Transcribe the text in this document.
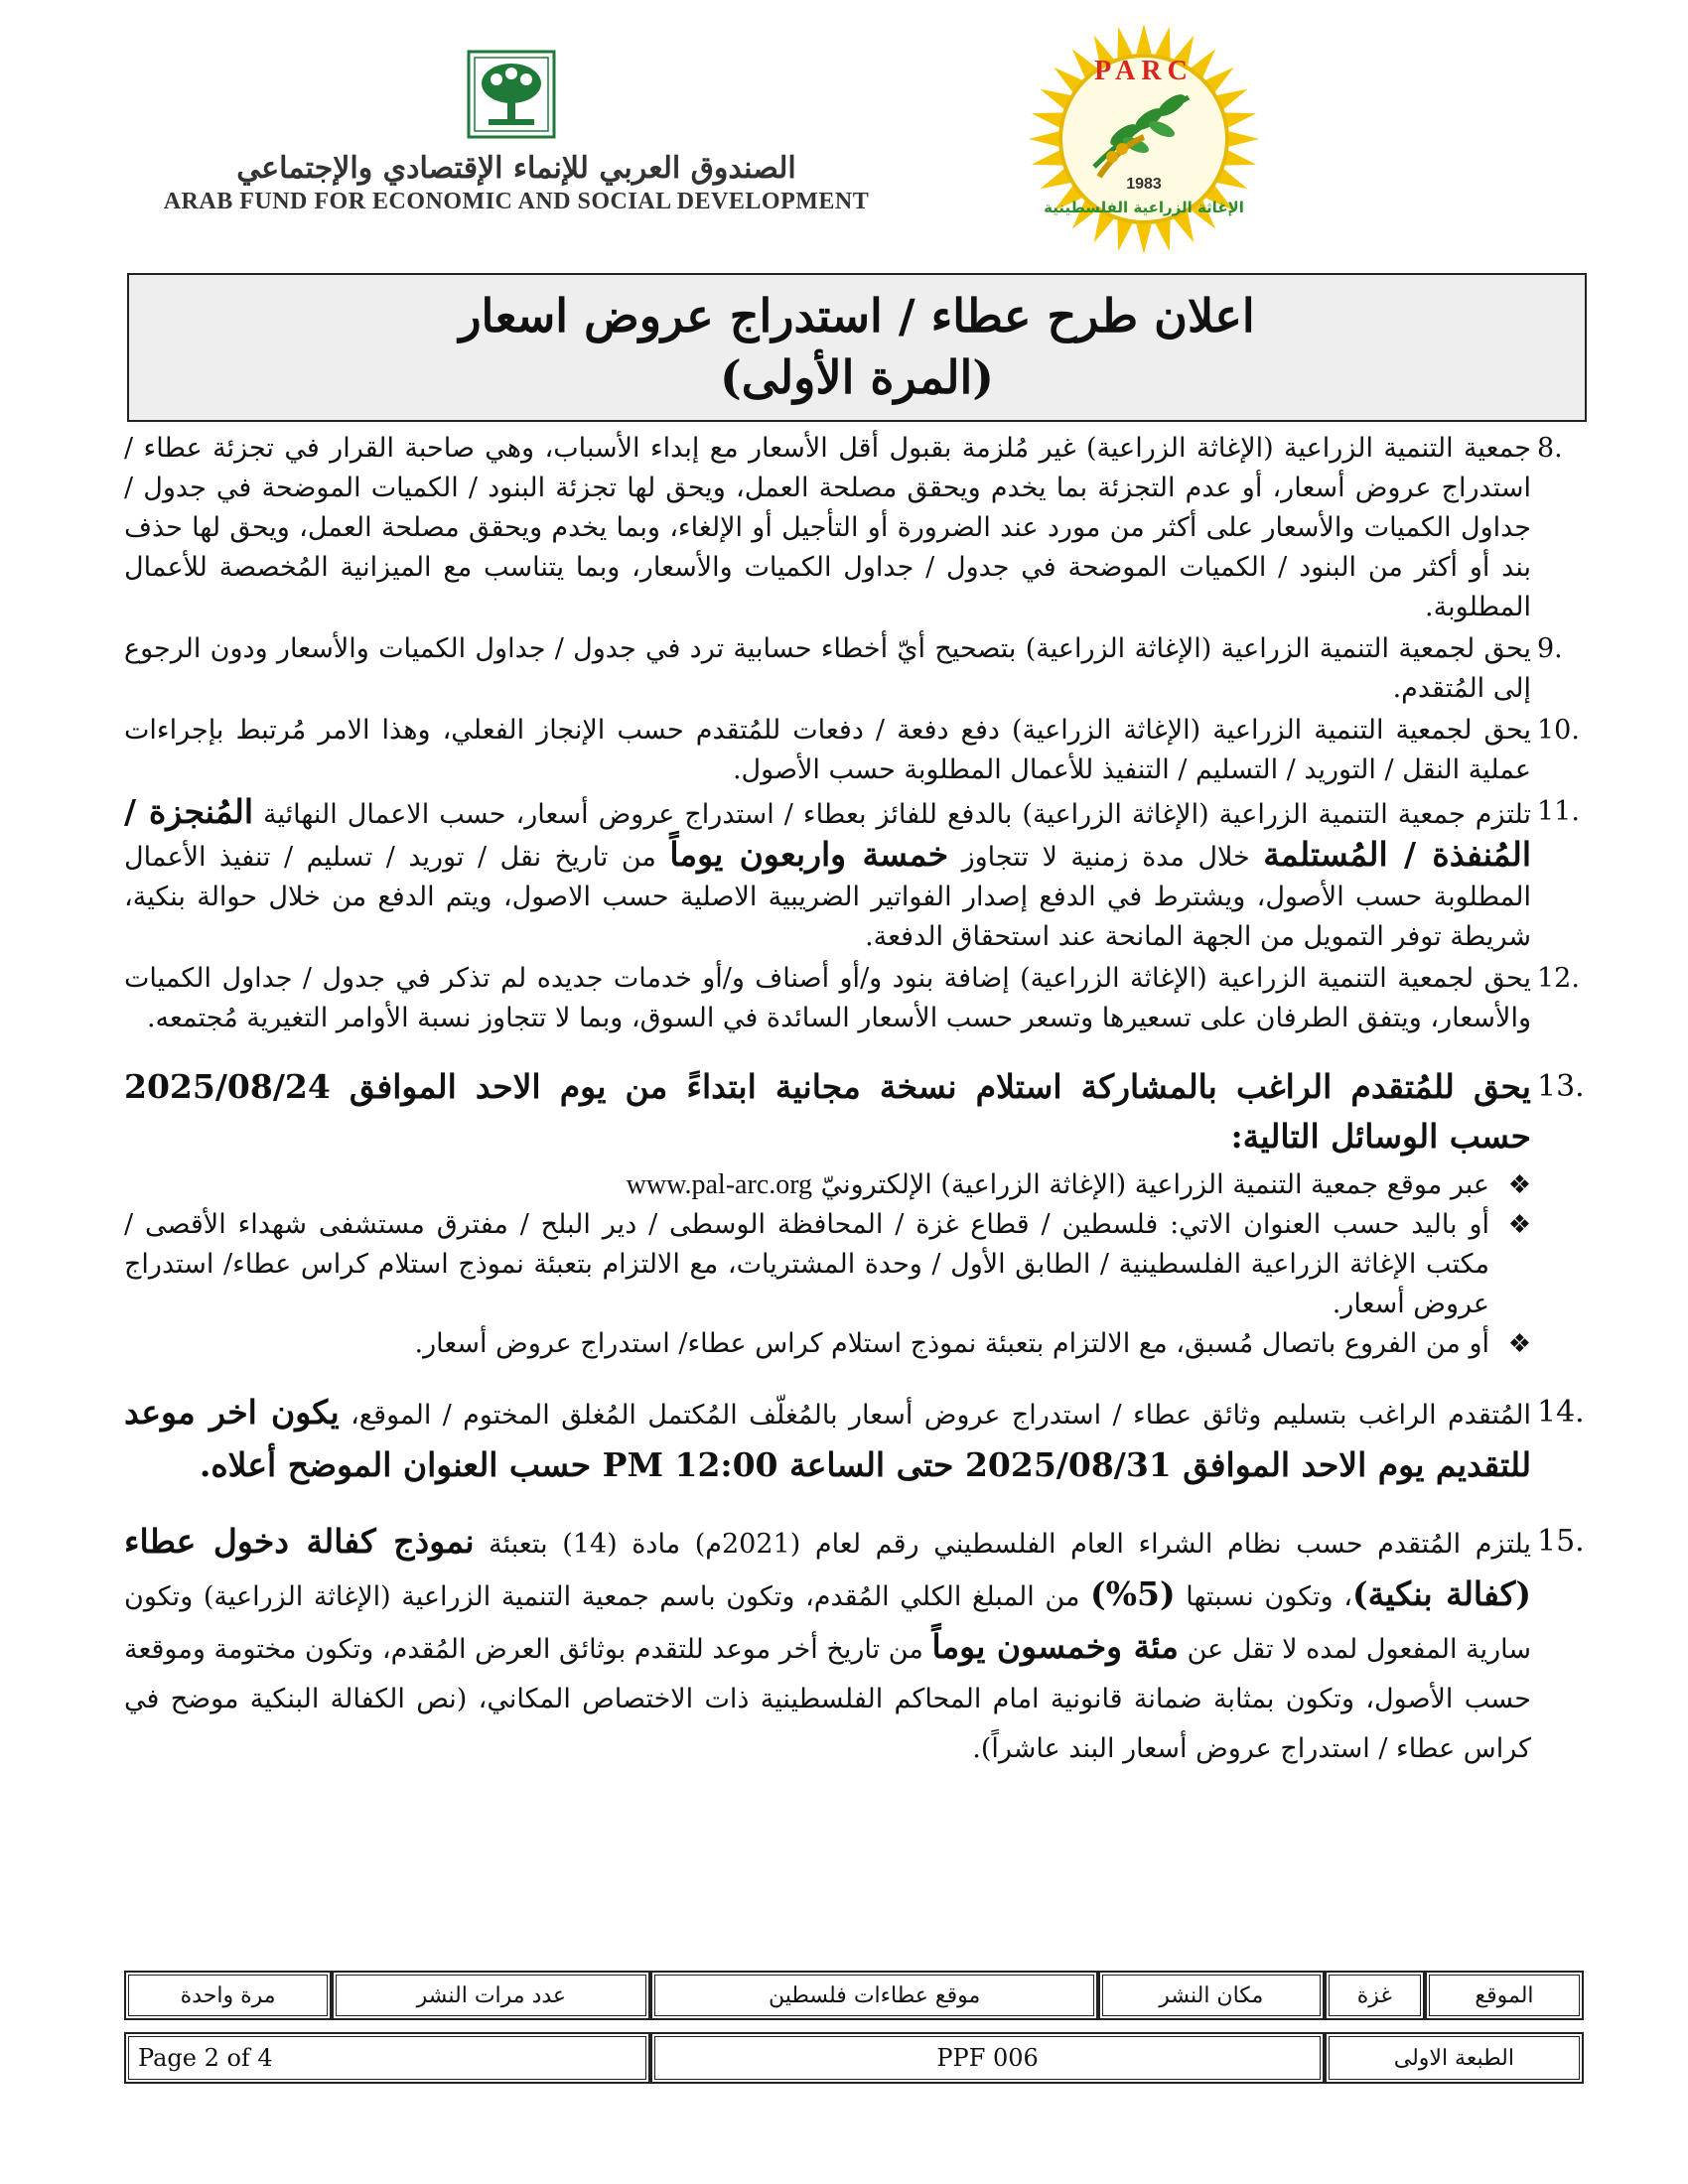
PARC
1983
الإغاثة الزراعية الفلسطينية
الصندوق العربي للإنماء الإقتصادي والإجتماعي
ARAB FUND FOR ECONOMIC AND SOCIAL DEVELOPMENT
اعلان طرح عطاء / استدراج عروض اسعار
(المرة الأولى)
8.
جمعية التنمية الزراعية (الإغاثة الزراعية) غير مُلزمة بقبول أقل الأسعار مع إبداء الأسباب، وهي صاحبة القرار في تجزئة عطاء / استدراج عروض أسعار، أو عدم التجزئة بما يخدم ويحقق مصلحة العمل، ويحق لها تجزئة البنود / الكميات الموضحة في جدول / جداول الكميات والأسعار على أكثر من مورد عند الضرورة أو التأجيل أو الإلغاء، وبما يخدم ويحقق مصلحة العمل، ويحق لها حذف بند أو أكثر من البنود / الكميات الموضحة في جدول / جداول الكميات والأسعار، وبما يتناسب مع الميزانية المُخصصة للأعمال المطلوبة.
9.
يحق لجمعية التنمية الزراعية (الإغاثة الزراعية) بتصحيح أيّ أخطاء حسابية ترد في جدول / جداول الكميات والأسعار ودون الرجوع إلى المُتقدم.
10.
يحق لجمعية التنمية الزراعية (الإغاثة الزراعية) دفع دفعة / دفعات للمُتقدم حسب الإنجاز الفعلي، وهذا الامر مُرتبط بإجراءات عملية النقل / التوريد / التسليم / التنفيذ للأعمال المطلوبة حسب الأصول.
11.
تلتزم جمعية التنمية الزراعية (الإغاثة الزراعية) بالدفع للفائز بعطاء / استدراج عروض أسعار، حسب الاعمال النهائية المُنجزة / المُنفذة / المُستلمة خلال مدة زمنية لا تتجاوز خمسة واربعون يوماً من تاريخ نقل / توريد / تسليم / تنفيذ الأعمال المطلوبة حسب الأصول، ويشترط في الدفع إصدار الفواتير الضريبية الاصلية حسب الاصول، ويتم الدفع من خلال حوالة بنكية، شريطة توفر التمويل من الجهة المانحة عند استحقاق الدفعة.
12.
يحق لجمعية التنمية الزراعية (الإغاثة الزراعية) إضافة بنود و/أو أصناف و/أو خدمات جديده لم تذكر في جدول / جداول الكميات والأسعار، ويتفق الطرفان على تسعيرها وتسعر حسب الأسعار السائدة في السوق، وبما لا تتجاوز نسبة الأوامر التغيرية مُجتمعه.
13.
يحق للمُتقدم الراغب بالمشاركة استلام نسخة مجانية ابتداءً من يوم الاحد الموافق 2025/08/24 حسب الوسائل التالية:
❖
عبر موقع جمعية التنمية الزراعية (الإغاثة الزراعية) الإلكترونيّ www.pal-arc.org
❖
أو باليد حسب العنوان الاتي: فلسطين / قطاع غزة / المحافظة الوسطى / دير البلح / مفترق مستشفى شهداء الأقصى / مكتب الإغاثة الزراعية الفلسطينية / الطابق الأول / وحدة المشتريات، مع الالتزام بتعبئة نموذج استلام كراس عطاء/ استدراج عروض أسعار.
❖
أو من الفروع باتصال مُسبق، مع الالتزام بتعبئة نموذج استلام كراس عطاء/ استدراج عروض أسعار.
14.
المُتقدم الراغب بتسليم وثائق عطاء / استدراج عروض أسعار بالمُغلّف المُكتمل المُغلق المختوم / الموقع، يكون اخر موعد للتقديم يوم الاحد الموافق 2025/08/31 حتى الساعة 12:00 PM حسب العنوان الموضح أعلاه.
15.
يلتزم المُتقدم حسب نظام الشراء العام الفلسطيني رقم لعام (2021م) مادة (14) بتعبئة نموذج كفالة دخول عطاء (كفالة بنكية)، وتكون نسبتها (5%) من المبلغ الكلي المُقدم، وتكون باسم جمعية التنمية الزراعية (الإغاثة الزراعية) وتكون سارية المفعول لمده لا تقل عن مئة وخمسون يوماً من تاريخ أخر موعد للتقدم بوثائق العرض المُقدم، وتكون مختومة وموقعة حسب الأصول، وتكون بمثابة ضمانة قانونية امام المحاكم الفلسطينية ذات الاختصاص المكاني، (نص الكفالة البنكية موضح في كراس عطاء / استدراج عروض أسعار البند عاشراً).
الموقع	غزة	مكان النشر	موقع عطاءات فلسطين	عدد مرات النشر	مرة واحدة

الطبعة الاولى		PPF 006		Page 2 of 4	
